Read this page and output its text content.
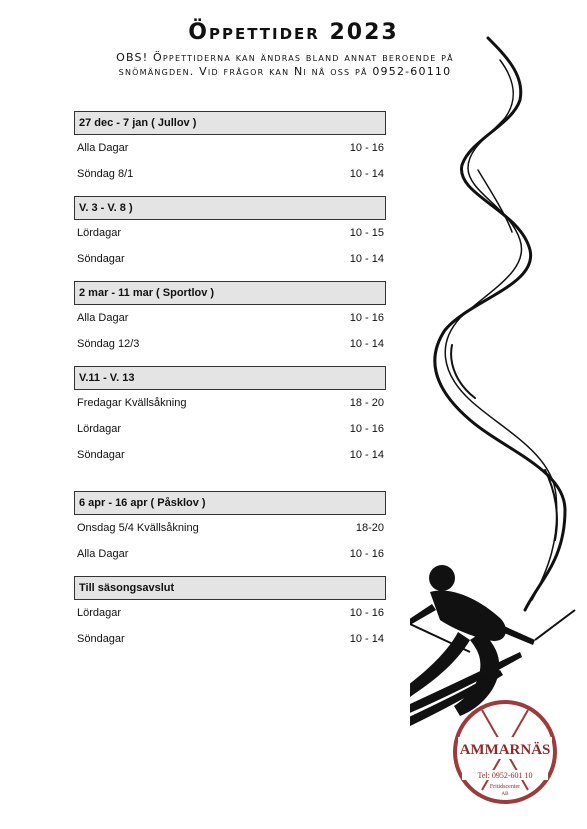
Öppettider 2023
OBS! Öppettiderna kan ändras bland annat beroende på
snömängden. Vid frågor kan Ni nå oss på 0952-60110
27 dec - 7 jan ( Jullov )
Alla Dagar	10 - 16
Söndag 8/1	10 - 14
V. 3 - V. 8 )
Lördagar	10 - 15
Söndagar	10 - 14
2 mar - 11 mar ( Sportlov )
Alla Dagar	10 - 16
Söndag 12/3	10 - 14
V.11 - V. 13
Fredagar Kvällsåkning	18 - 20
Lördagar	10 - 16
Söndagar	10 - 14
6 apr - 16 apr ( Påsklov )
Onsdag 5/4 Kvällsåkning	18-20
Alla Dagar	10 - 16
Till säsongsavslut
Lördagar	10 - 16
Söndagar	10 - 14
AMMARNÄS
Tel: 0952-601 10
Fritidscenter
AB
